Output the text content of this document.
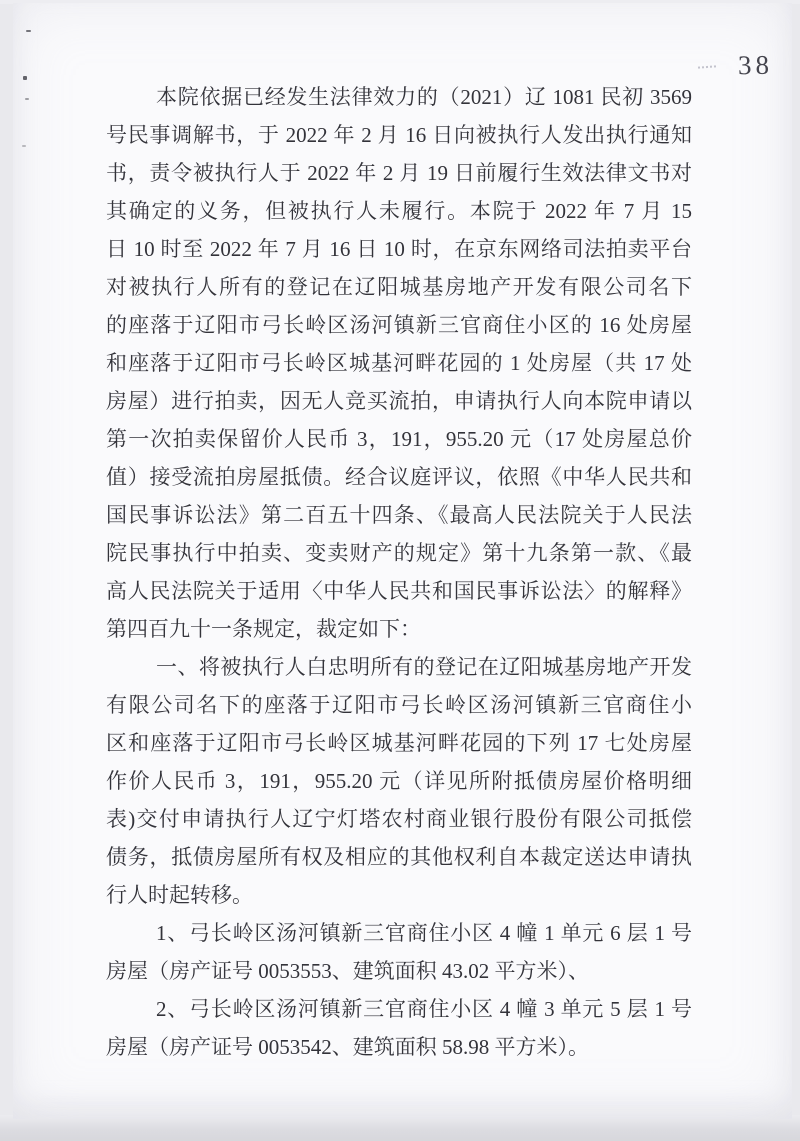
38
本院依据已经发生法律效力的（2021）辽 1081 民初 3569
号民事调解书，于 2022 年 2 月 16 日向被执行人发出执行通知
书，责令被执行人于 2022 年 2 月 19 日前履行生效法律文书对
其确定的义务，但被执行人未履行。本院于 2022 年 7 月 15
日 10 时至 2022 年 7 月 16 日 10 时，在京东网络司法拍卖平台
对被执行人所有的登记在辽阳城基房地产开发有限公司名下
的座落于辽阳市弓长岭区汤河镇新三官商住小区的 16 处房屋
和座落于辽阳市弓长岭区城基河畔花园的 1 处房屋（共 17 处
房屋）进行拍卖，因无人竞买流拍，申请执行人向本院申请以
第一次拍卖保留价人民币 3，191，955.20 元（17 处房屋总价
值）接受流拍房屋抵债。经合议庭评议，依照《中华人民共和
国民事诉讼法》第二百五十四条、《最高人民法院关于人民法
院民事执行中拍卖、变卖财产的规定》第十九条第一款、《最
高人民法院关于适用〈中华人民共和国民事诉讼法〉的解释》
第四百九十一条规定，裁定如下：
一、将被执行人白忠明所有的登记在辽阳城基房地产开发
有限公司名下的座落于辽阳市弓长岭区汤河镇新三官商住小
区和座落于辽阳市弓长岭区城基河畔花园的下列 17 七处房屋
作价人民币 3，191，955.20 元（详见所附抵债房屋价格明细
表)交付申请执行人辽宁灯塔农村商业银行股份有限公司抵偿
债务，抵债房屋所有权及相应的其他权利自本裁定送达申请执
行人时起转移。
1、弓长岭区汤河镇新三官商住小区 4 幢 1 单元 6 层 1 号
房屋（房产证号 0053553、建筑面积 43.02 平方米）、
2、弓长岭区汤河镇新三官商住小区 4 幢 3 单元 5 层 1 号
房屋（房产证号 0053542、建筑面积 58.98 平方米）。
